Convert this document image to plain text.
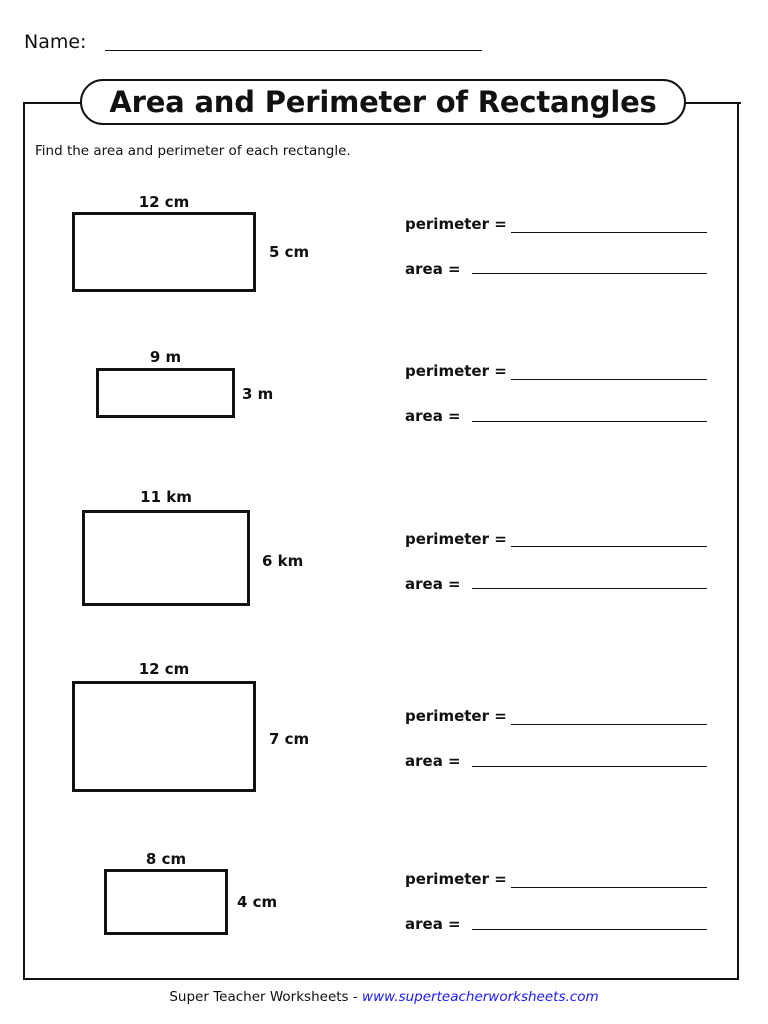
Name:
Area and Perimeter of Rectangles
Find the area and perimeter of each rectangle.
12 cm
5 cm
perimeter =
area =
9 m
3 m
perimeter =
area =
11 km
6 km
perimeter =
area =
12 cm
7 cm
perimeter =
area =
8 cm
4 cm
perimeter =
area =
Super Teacher Worksheets - www.superteacherworksheets.com
